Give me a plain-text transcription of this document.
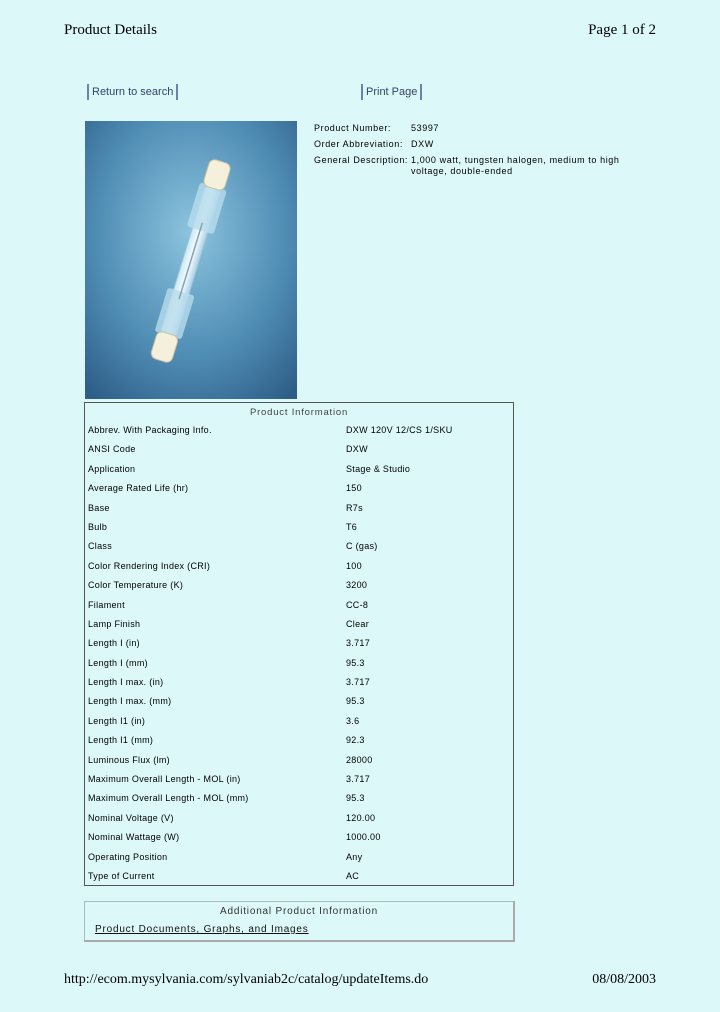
Product Details	Page 1 of 2
Return to search	Print Page
Product Number:	53997
Order Abbreviation: DXW
General Description: 1,000 watt, tungsten halogen, medium to high voltage, double-ended
Product Information
Abbrev. With Packaging Info.	DXW 120V 12/CS 1/SKU
ANSI Code	DXW
Application	Stage & Studio
Average Rated Life (hr)	150
Base	R7s
Bulb	T6
Class	C (gas)
Color Rendering Index (CRI)	100
Color Temperature (K)	3200
Filament	CC-8
Lamp Finish	Clear
Length I (in)	3.717
Length I (mm)	95.3
Length I max. (in)	3.717
Length I max. (mm)	95.3
Length I1 (in)	3.6
Length I1 (mm)	92.3
Luminous Flux (lm)	28000
Maximum Overall Length - MOL (in)	3.717
Maximum Overall Length - MOL (mm)	95.3
Nominal Voltage (V)	120.00
Nominal Wattage (W)	1000.00
Operating Position	Any
Type of Current	AC
Additional Product Information
Product Documents, Graphs, and Images
http://ecom.mysylvania.com/sylvaniab2c/catalog/updateItems.do	08/08/2003
